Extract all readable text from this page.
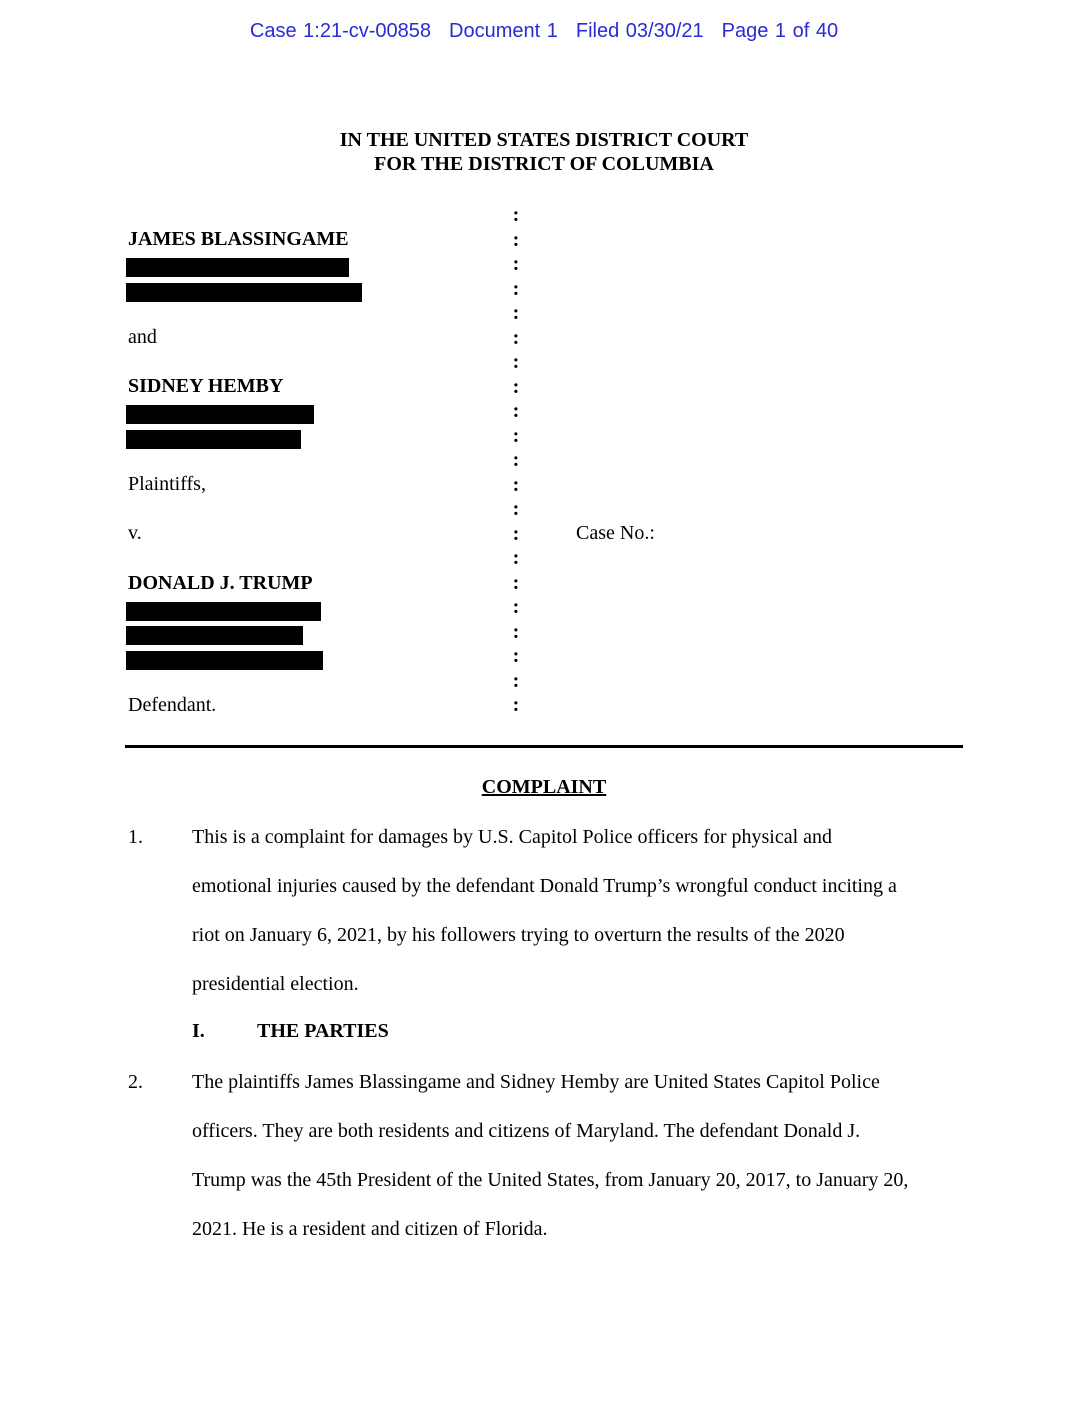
Case 1:21-cv-00858 Document 1 Filed 03/30/21 Page 1 of 40
IN THE UNITED STATES DISTRICT COURT
FOR THE DISTRICT OF COLUMBIA
JAMES BLASSINGAME
and
SIDNEY HEMBY
Plaintiffs,
v.
DONALD J. TRUMP
Defendant.
:
:
:
:
:
:
:
:
:
:
:
:
:
:
:
:
:
:
:
:
:
Case No.:
COMPLAINT
1. This is a complaint for damages by U.S. Capitol Police officers for physical and
emotional injuries caused by the defendant Donald Trump’s wrongful conduct inciting a
riot on January 6, 2021, by his followers trying to overturn the results of the 2020
presidential election.
I.	THE PARTIES
2. The plaintiffs James Blassingame and Sidney Hemby are United States Capitol Police
officers. They are both residents and citizens of Maryland. The defendant Donald J.
Trump was the 45th President of the United States, from January 20, 2017, to January 20,
2021. He is a resident and citizen of Florida.
